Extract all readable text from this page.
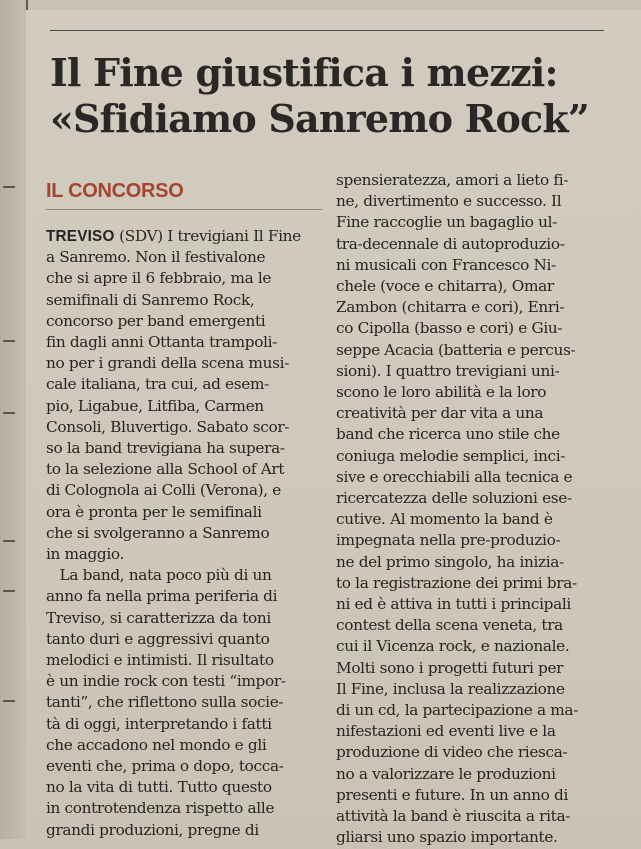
Il Fine giustifica i mezzi:
«Sfidiamo Sanremo Rock”
IL CONCORSO
TREVISO (SDV) I trevigiani Il Fine
a Sanremo. Non il festivalone
che si apre il 6 febbraio, ma le
semifinali di Sanremo Rock,
concorso per band emergenti
fin dagli anni Ottanta trampoli-
no per i grandi della scena musi-
cale italiana, tra cui, ad esem-
pio, Ligabue, Litfiba, Carmen
Consoli, Bluvertigo. Sabato scor-
so la band trevigiana ha supera-
to la selezione alla School of Art
di Colognola ai Colli (Verona), e
ora è pronta per le semifinali
che si svolgeranno a Sanremo
in maggio.
La band, nata poco più di un
anno fa nella prima periferia di
Treviso, si caratterizza da toni
tanto duri e aggressivi quanto
melodici e intimisti. Il risultato
è un indie rock con testi “impor-
tanti”, che riflettono sulla socie-
tà di oggi, interpretando i fatti
che accadono nel mondo e gli
eventi che, prima o dopo, tocca-
no la vita di tutti. Tutto questo
in controtendenza rispetto alle
grandi produzioni, pregne di
spensieratezza, amori a lieto fi-
ne, divertimento e successo. Il
Fine raccoglie un bagaglio ul-
tra-decennale di autoproduzio-
ni musicali con Francesco Ni-
chele (voce e chitarra), Omar
Zambon (chitarra e cori), Enri-
co Cipolla (basso e cori) e Giu-
seppe Acacia (batteria e percus-
sioni). I quattro trevigiani uni-
scono le loro abilità e la loro
creatività per dar vita a una
band che ricerca uno stile che
coniuga melodie semplici, inci-
sive e orecchiabili alla tecnica e
ricercatezza delle soluzioni ese-
cutive. Al momento la band è
impegnata nella pre-produzio-
ne del primo singolo, ha inizia-
to la registrazione dei primi bra-
ni ed è attiva in tutti i principali
contest della scena veneta, tra
cui il Vicenza rock, e nazionale.
Molti sono i progetti futuri per
Il Fine, inclusa la realizzazione
di un cd, la partecipazione a ma-
nifestazioni ed eventi live e la
produzione di video che riesca-
no a valorizzare le produzioni
presenti e future. In un anno di
attività la band è riuscita a rita-
gliarsi uno spazio importante.
